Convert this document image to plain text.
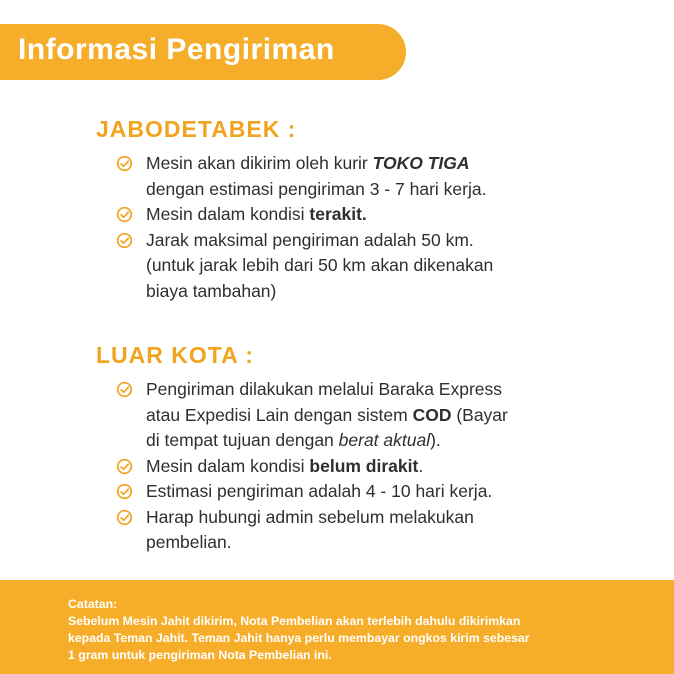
Informasi Pengiriman
JABODETABEK :
Mesin akan dikirim oleh kurir TOKO TIGA
dengan estimasi pengiriman 3 - 7 hari kerja.
Mesin dalam kondisi terakit.
Jarak maksimal pengiriman adalah 50 km.
(untuk jarak lebih dari 50 km akan dikenakan
biaya tambahan)
LUAR KOTA :
Pengiriman dilakukan melalui Baraka Express
atau Expedisi Lain dengan sistem COD (Bayar
di tempat tujuan dengan berat aktual).
Mesin dalam kondisi belum dirakit.
Estimasi pengiriman adalah 4 - 10 hari kerja.
Harap hubungi admin sebelum melakukan
pembelian.
Catatan:
Sebelum Mesin Jahit dikirim, Nota Pembelian akan terlebih dahulu dikirimkan
kepada Teman Jahit. Teman Jahit hanya perlu membayar ongkos kirim sebesar
1 gram untuk pengiriman Nota Pembelian ini.
